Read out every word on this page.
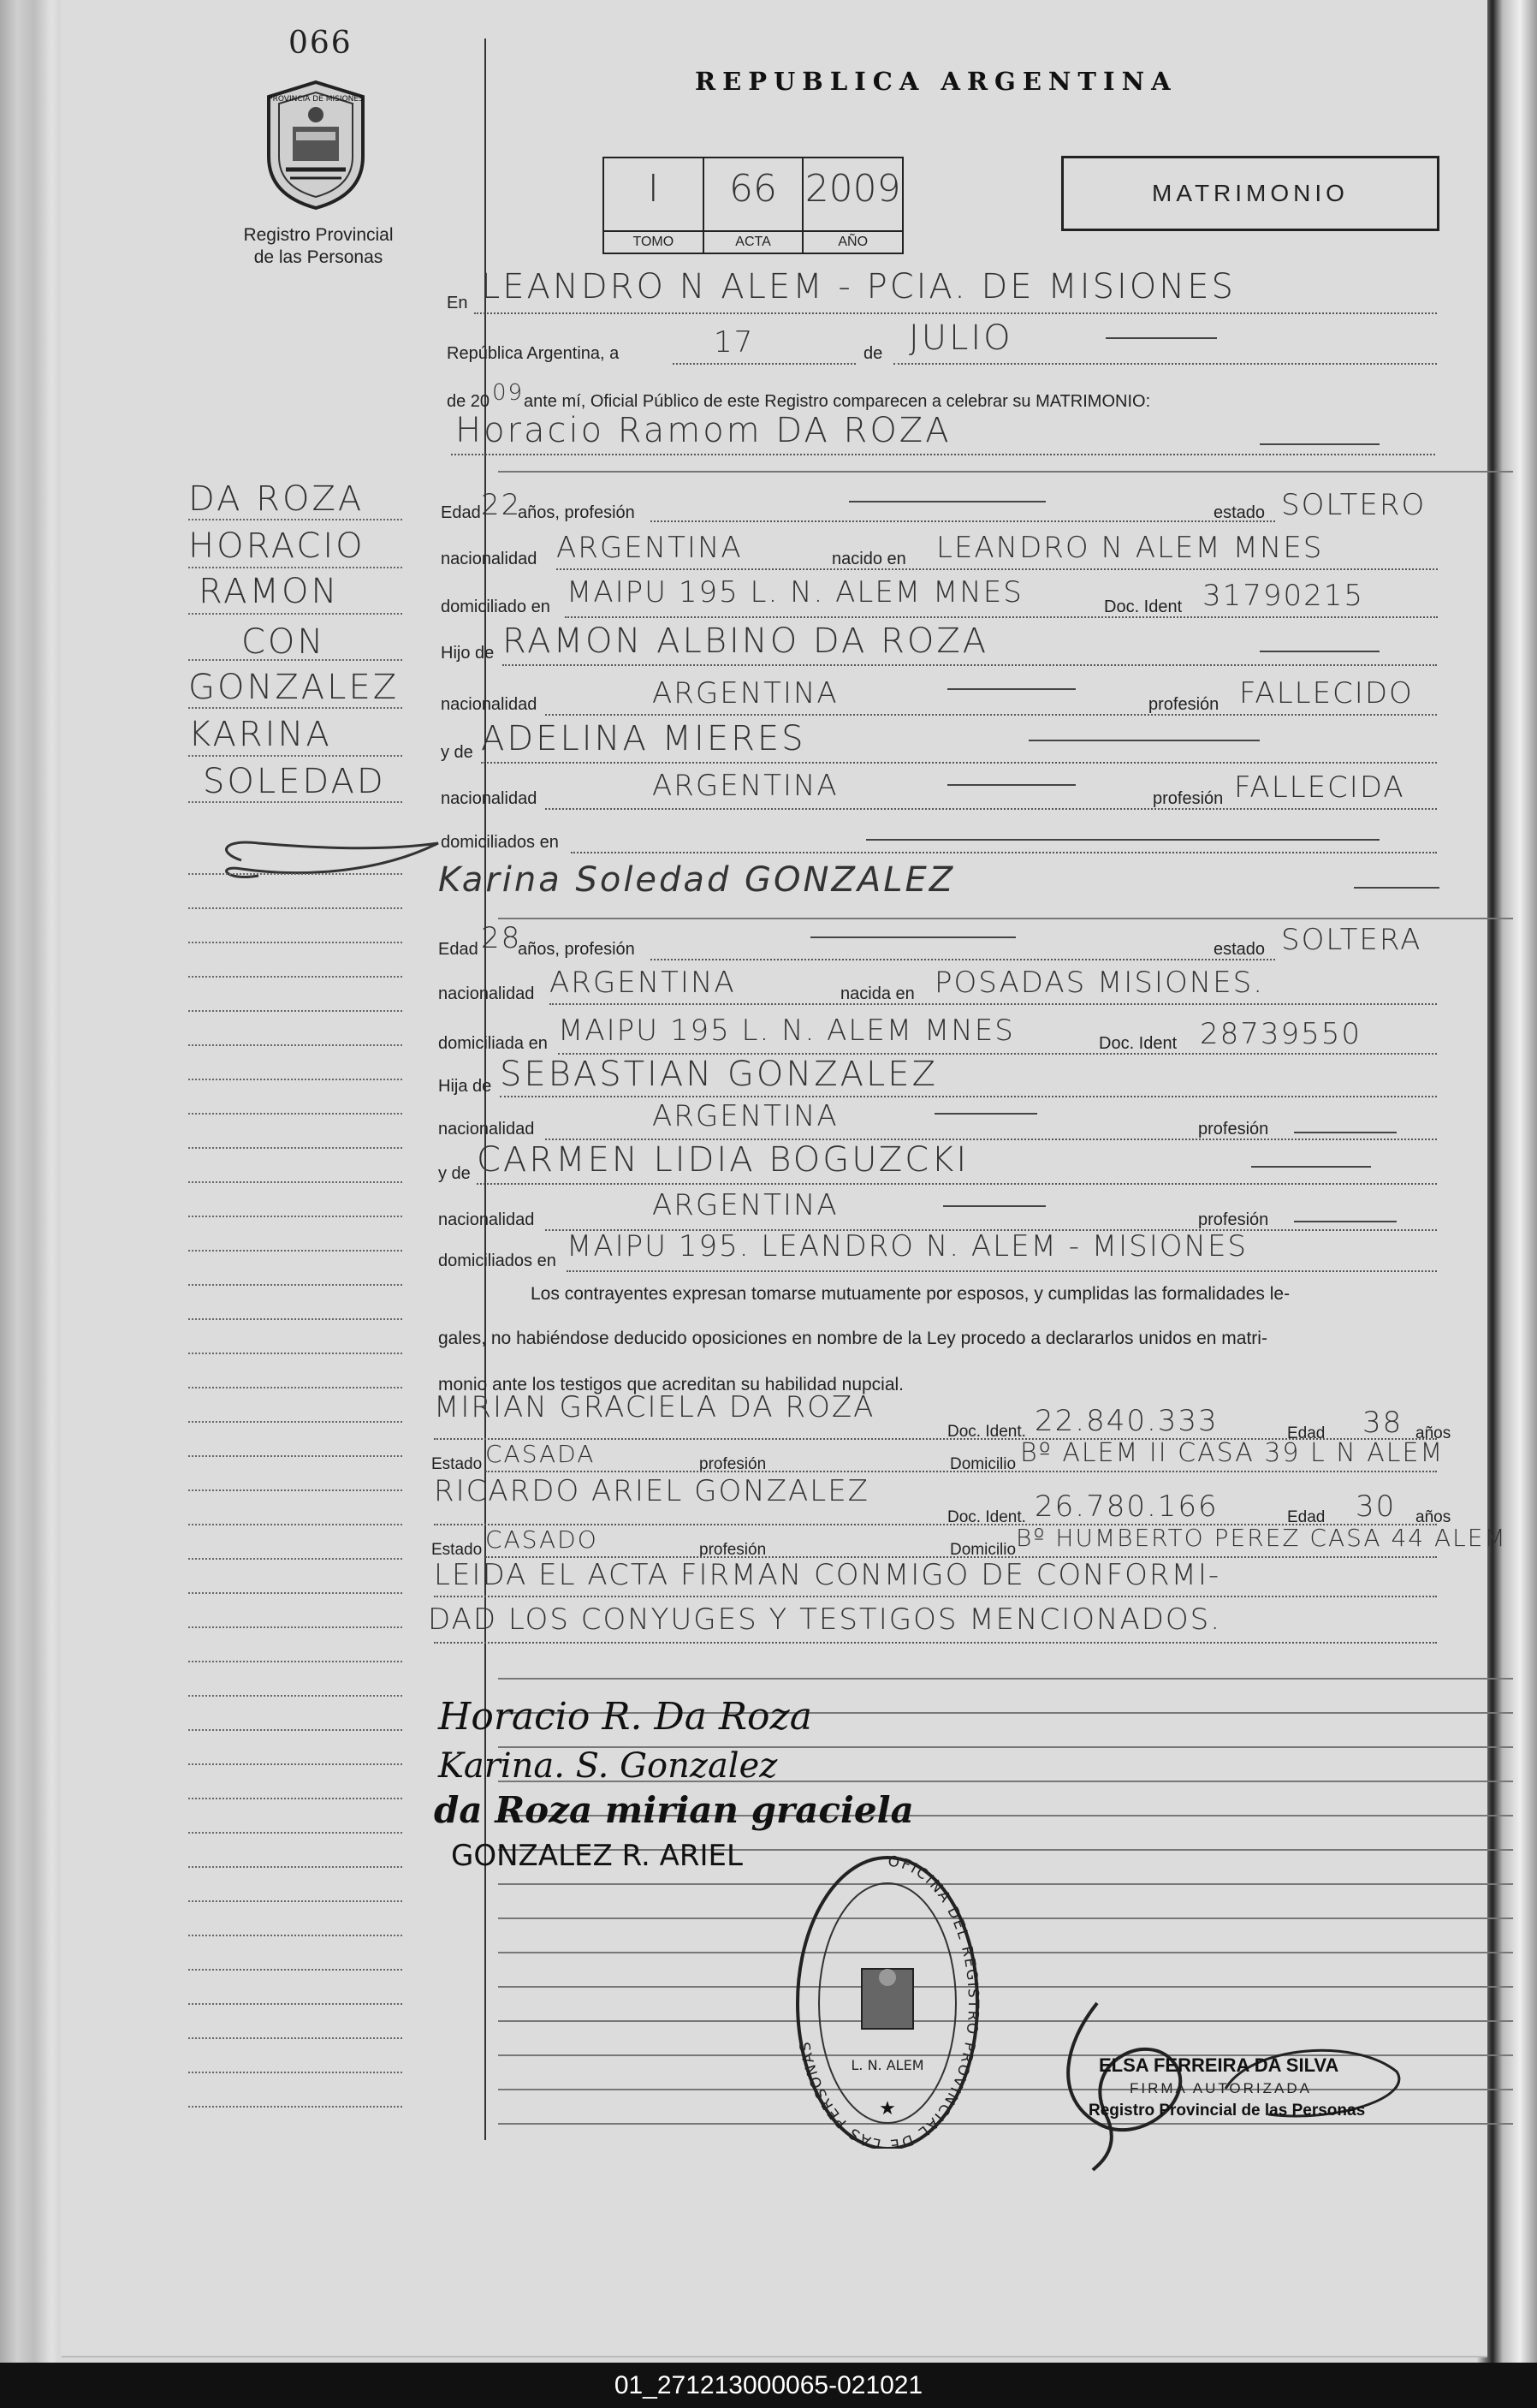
066
PROVINCIA DE MISIONES
Registro Provincial
de las Personas
REPUBLICA ARGENTINA
I
TOMO
66
ACTA
2009
AÑO
MATRIMONIO
En LEANDRO N ALEM - PCIA. DE MISIONES
República Argentina, a	17	de JULIO
de 20 09 ante mí, Oficial Público de este Registro comparecen a celebrar su MATRIMONIO:
Horacio Ramom DA ROZA
Edad 22
años, profesión	estado SOLTERO
nacionalidad ARGENTINA	nacido en LEANDRO N ALEM MNES
domiciliado en MAIPU 195 L. N. ALEM MNES	Doc. Ident 31790215
Hijo de RAMON ALBINO DA ROZA
nacionalidad	ARGENTINA	profesión FALLECIDO
y de ADELINA MIERES
nacionalidad	ARGENTINA	profesión FALLECIDA
domiciliados en
Karina Soledad GONZALEZ
Edad 28
años, profesión	estado SOLTERA
nacionalidad ARGENTINA	nacida en POSADAS MISIONES.
domiciliada en MAIPU 195 L. N. ALEM MNES	Doc. Ident 28739550
Hija de SEBASTIAN GONZALEZ
nacionalidad	ARGENTINA	profesión
y de CARMEN LIDIA BOGUZCKI
nacionalidad	ARGENTINA	profesión
domiciliados en MAIPU 195. LEANDRO N. ALEM - MISIONES
Los contrayentes expresan tomarse mutuamente por esposos, y cumplidas las formalidades le-
gales, no habiéndose deducido oposiciones en nombre de la Ley procedo a declararlos unidos en matri-
monio ante los testigos que acreditan su habilidad nupcial.
MIRIAN GRACIELA DA ROZA
Doc. Ident. 22.840.333	Edad 38 años
Estado CASADA	profesión	Domicilio Bº ALEM II CASA 39 L N ALEM
RICARDO ARIEL GONZALEZ
Doc. Ident. 26.780.166	Edad 30 años
Estado CASADO	profesión	Domicilio Bº HUMBERTO PEREZ CASA 44 ALEM
LEIDA EL ACTA FIRMAN CONMIGO DE CONFORMI-
DAD LOS CONYUGES Y TESTIGOS MENCIONADOS.
Horacio R. Da Roza
Karina. S. Gonzalez
da Roza mirian graciela
GONZALEZ R. ARIEL	OFICINA DEL REGISTRO PROVINCIAL DE LAS PERSONAS
L. N. ALEM
★
ELSA FERREIRA DA SILVA
FIRMA AUTORIZADA
Registro Provincial de las Personas
DA ROZA
HORACIO
RAMON
CON
GONZALEZ
KARINA
SOLEDAD
01_271213000065-021021
